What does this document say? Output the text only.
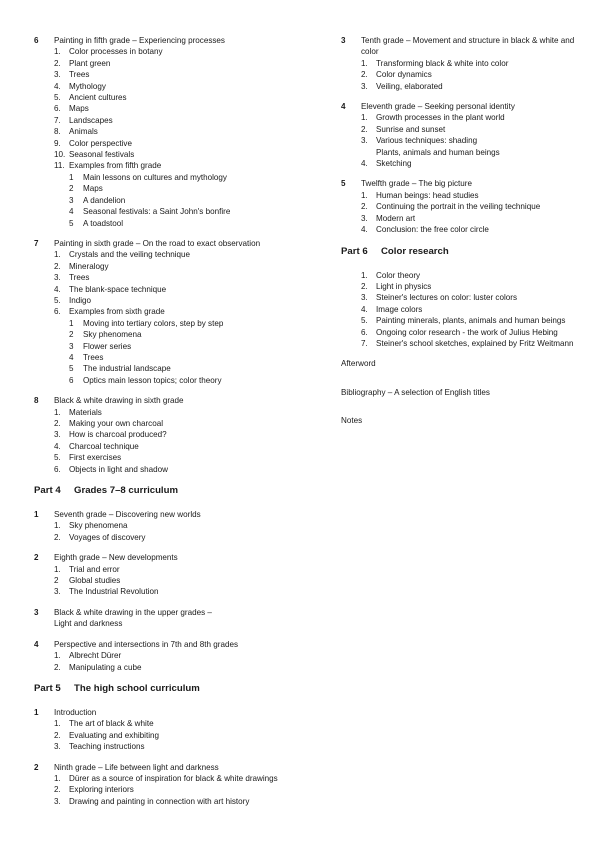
6	Painting in fifth grade – Experiencing processes
1.	Color processes in botany
2.	Plant green
3.	Trees
4.	Mythology
5.	Ancient cultures
6.	Maps
7.	Landscapes
8.	Animals
9.	Color perspective
10. Seasonal festivals
11. Examples from fifth grade
1	Main lessons on cultures and mythology
2	Maps
3	A dandelion
4	Seasonal festivals: a Saint John's bonfire
5	A toadstool
7	Painting in sixth grade – On the road to exact observation
1.	Crystals and the veiling technique
2.	Mineralogy
3.	Trees
4.	The blank-space technique
5.	Indigo
6.	Examples from sixth grade
1	Moving into tertiary colors, step by step
2	Sky phenomena
3	Flower series
4	Trees
5	The industrial landscape
6	Optics main lesson topics; color theory
8	Black & white drawing in sixth grade
1.	Materials
2.	Making your own charcoal
3.	How is charcoal produced?
4.	Charcoal technique
5.	First exercises
6.	Objects in light and shadow
Part 4	Grades 7–8 curriculum
1	Seventh grade – Discovering new worlds
1.	Sky phenomena
2.	Voyages of discovery
2	Eighth grade – New developments
1.	Trial and error
2	Global studies
3.	The Industrial Revolution
3	Black & white drawing in the upper grades –
Light and darkness
4	Perspective and intersections in 7th and 8th grades
1.	Albrecht Dürer
2.	Manipulating a cube
Part 5	The high school curriculum
1	Introduction
1.	The art of black & white
2.	Evaluating and exhibiting
3.	Teaching instructions
2	Ninth grade – Life between light and darkness
1.	Dürer as a source of inspiration for black & white drawings
2.	Exploring interiors
3.	Drawing and painting in connection with art history
3	Tenth grade – Movement and structure in black & white and color
1.	Transforming black & white into color
2.	Color dynamics
3.	Veiling, elaborated
4	Eleventh grade – Seeking personal identity
1.	Growth processes in the plant world
2.	Sunrise and sunset
3.	Various techniques: shading
Plants, animals and human beings
4.	Sketching
5	Twelfth grade – The big picture
1.	Human beings: head studies
2.	Continuing the portrait in the veiling technique
3.	Modern art
4.	Conclusion: the free color circle
Part 6	Color research
1.	Color theory
2.	Light in physics
3.	Steiner's lectures on color: luster colors
4.	Image colors
5.	Painting minerals, plants, animals and human beings
6.	Ongoing color research - the work of Julius Hebing
7.	Steiner's school sketches, explained by Fritz Weitmann
Afterword
Bibliography – A selection of English titles
Notes
